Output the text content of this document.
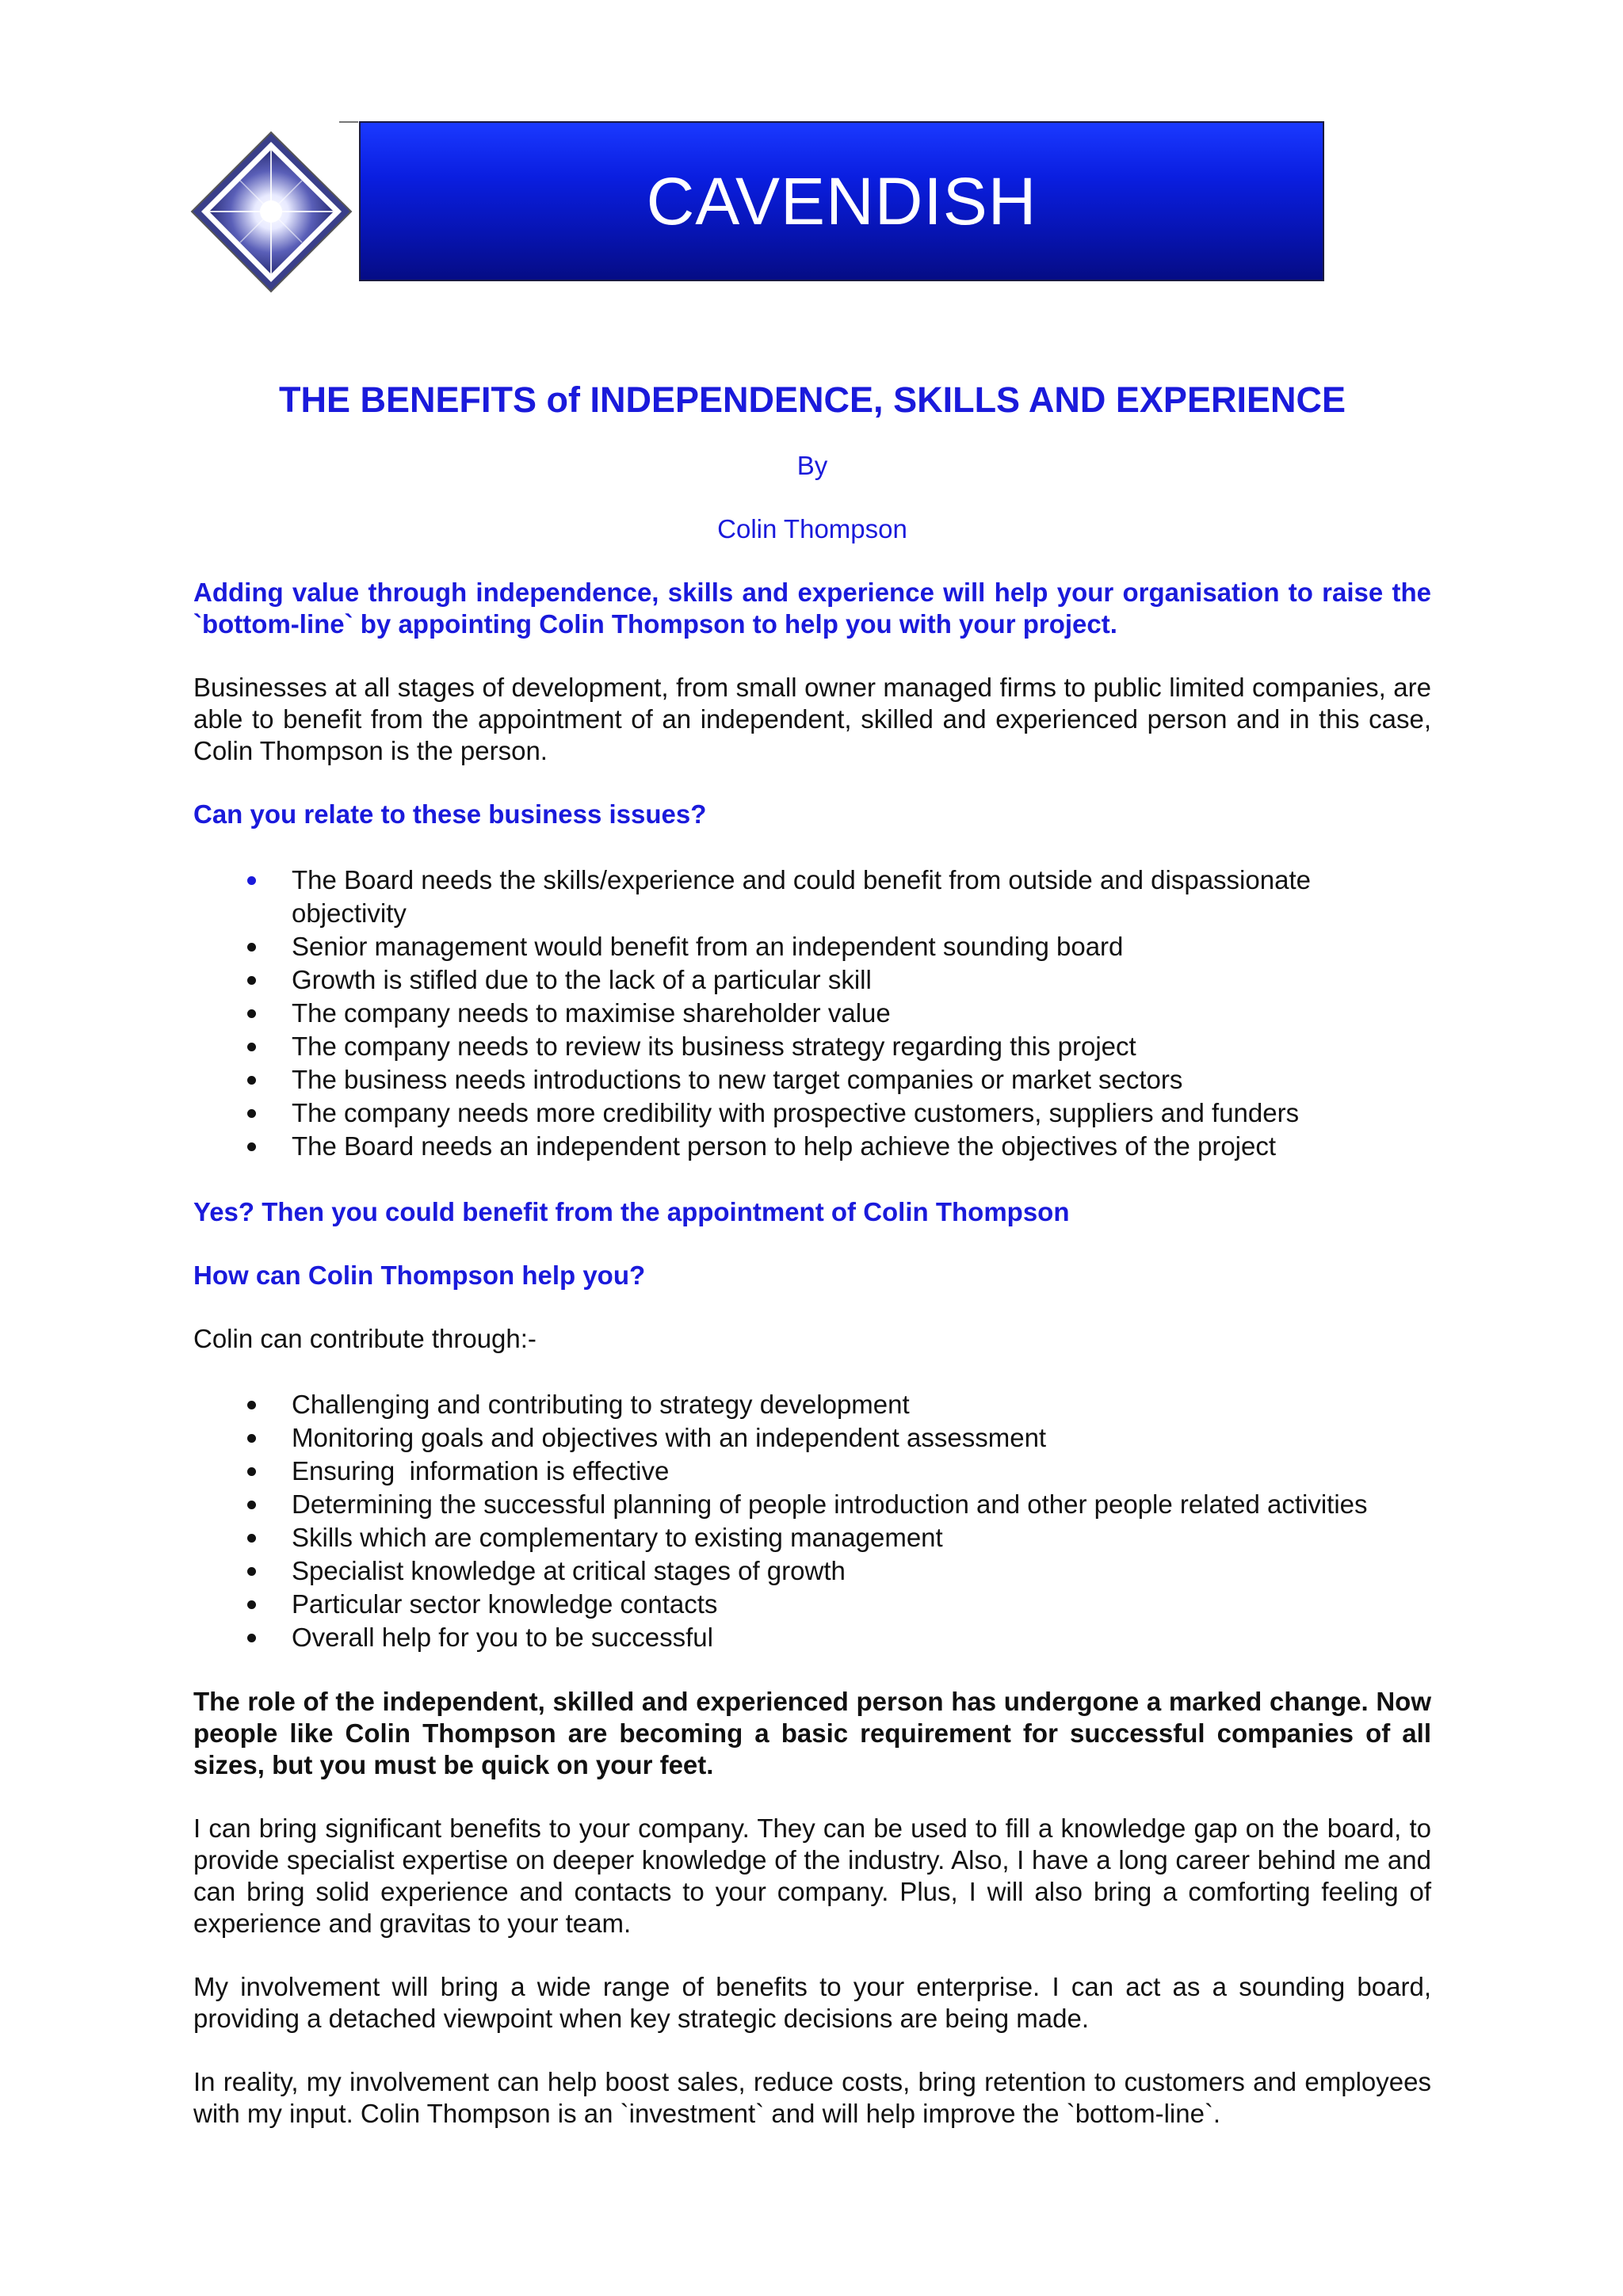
CAVENDISH
THE BENEFITS of INDEPENDENCE, SKILLS AND EXPERIENCE
By
Colin Thompson

Adding value through independence, skills and experience will help your organisation to raise the `bottom-line` by appointing Colin Thompson to help you with your project.

Businesses at all stages of development, from small owner managed firms to public limited companies, are able to benefit from the appointment of an independent, skilled and experienced person and in this case, Colin Thompson is the person.

Can you relate to these business issues?
The Board needs the skills/experience and could benefit from outside and dispassionate objectivity
Senior management would benefit from an independent sounding board
Growth is stifled due to the lack of a particular skill
The company needs to maximise shareholder value
The company needs to review its business strategy regarding this project
The business needs introductions to new target companies or market sectors
The company needs more credibility with prospective customers, suppliers and funders
The Board needs an independent person to help achieve the objectives of the project
Yes? Then you could benefit from the appointment of Colin Thompson
How can Colin Thompson help you?

Colin can contribute through:-

Challenging and contributing to strategy development
Monitoring goals and objectives with an independent assessment
Ensuring  information is effective
Determining the successful planning of people introduction and other people related activities
Skills which are complementary to existing management
Specialist knowledge at critical stages of growth
Particular sector knowledge contacts
Overall help for you to be successful

The role of the independent, skilled and experienced person has undergone a marked change. Now people like Colin Thompson are becoming a basic requirement for successful companies of all sizes, but you must be quick on your feet.

I can bring significant benefits to your company. They can be used to fill a knowledge gap on the board, to provide specialist expertise on deeper knowledge of the industry. Also, I have a long career behind me and can bring solid experience and contacts to your company. Plus, I will also bring a comforting feeling of experience and gravitas to your team.

My involvement will bring a wide range of benefits to your enterprise. I can act as a sounding board, providing a detached viewpoint when key strategic decisions are being made.

In reality, my involvement can help boost sales, reduce costs, bring retention to customers and employees with my input. Colin Thompson is an `investment` and will help improve the `bottom-line`.
